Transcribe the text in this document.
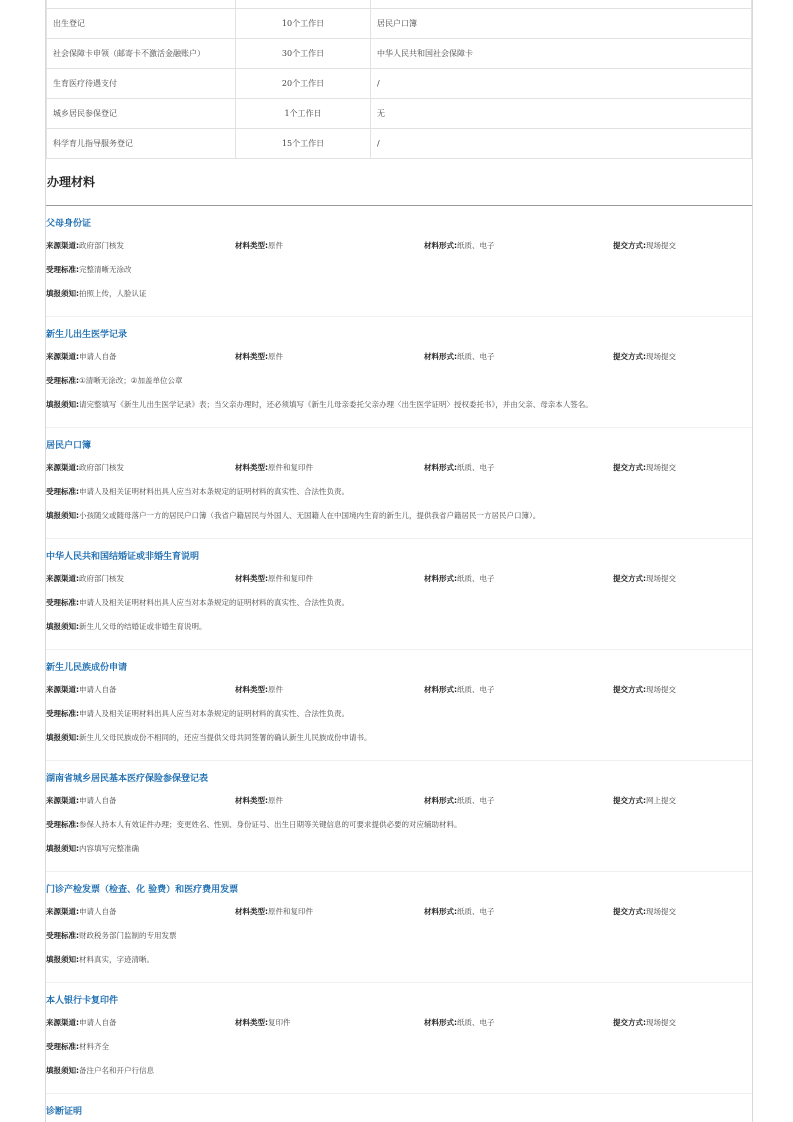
出生登记	10个工作日	居民户口簿
社会保障卡申领（邮寄卡不激活金融账户）	30个工作日	中华人民共和国社会保障卡
生育医疗待遇支付	20个工作日	/
城乡居民参保登记	1个工作日	无
科学育儿指导服务登记	15个工作日	/
办理材料
父母身份证
来源渠道:政府部门核发	材料类型:原件	材料形式:纸质、电子	提交方式:现场提交
受理标准:完整清晰无涂改
填报须知:拍照上传，人脸认证
新生儿出生医学记录
来源渠道:申请人自备	材料类型:原件	材料形式:纸质、电子	提交方式:现场提交
受理标准:①清晰无涂改；②加盖单位公章
填报须知:请完整填写《新生儿出生医学记录》表；当父亲办理时，还必须填写《新生儿母亲委托父亲办理〈出生医学证明〉授权委托书》，并由父亲、母亲本人签名。
居民户口簿
来源渠道:政府部门核发	材料类型:原件和复印件	材料形式:纸质、电子	提交方式:现场提交
受理标准:申请人及相关证明材料出具人应当对本条规定的证明材料的真实性、合法性负责。
填报须知:小孩随父或随母落户一方的居民户口簿（我省户籍居民与外国人、无国籍人在中国境内生育的新生儿，提供我省户籍居民一方居民户口簿）。
中华人民共和国结婚证或非婚生育说明
来源渠道:政府部门核发	材料类型:原件和复印件	材料形式:纸质、电子	提交方式:现场提交
受理标准:申请人及相关证明材料出具人应当对本条规定的证明材料的真实性、合法性负责。
填报须知:新生儿父母的结婚证或非婚生育说明。
新生儿民族成份申请
来源渠道:申请人自备	材料类型:原件	材料形式:纸质、电子	提交方式:现场提交
受理标准:申请人及相关证明材料出具人应当对本条规定的证明材料的真实性、合法性负责。
填报须知:新生儿父母民族成份不相同的，还应当提供父母共同签署的确认新生儿民族成份申请书。
湖南省城乡居民基本医疗保险参保登记表
来源渠道:申请人自备	材料类型:原件	材料形式:纸质、电子	提交方式:网上提交
受理标准:参保人持本人有效证件办理；变更姓名、性别、身份证号、出生日期等关键信息的可要求提供必要的对应辅助材料。
填报须知:内容填写完整准确
门诊产检发票（检查、化 验费）和医疗费用发票
来源渠道:申请人自备	材料类型:原件和复印件	材料形式:纸质、电子	提交方式:现场提交
受理标准:财政税务部门监制的专用发票
填报须知:材料真实，字迹清晰。
本人银行卡复印件
来源渠道:申请人自备	材料类型:复印件	材料形式:纸质、电子	提交方式:现场提交
受理标准:材料齐全
填报须知:备注户名和开户行信息
诊断证明
